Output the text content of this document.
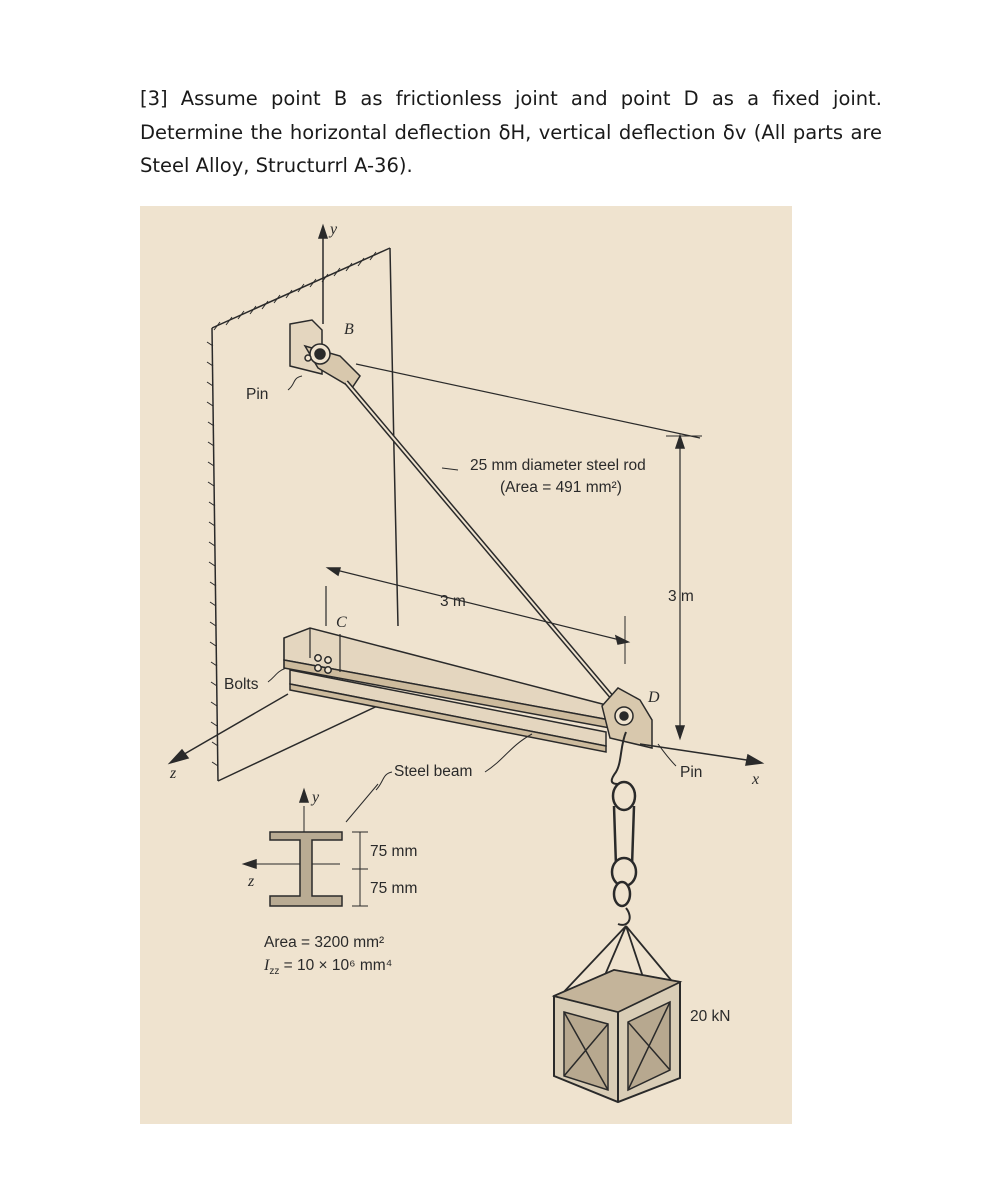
[3] Assume point B as frictionless joint and point D as a fixed joint. Determine the horizontal deflection δH, vertical deflection δv (All parts are Steel Alloy, Structurrl A-36).

y
B
Pin
25 mm diameter steel rod
(Area = 491 mm²)
3 m	3 m
C
Bolts
D
z	Steel beam	Pin	x
y
z
75 mm
75 mm
Area = 3200 mm²
$I_{zz} = 10 \times 10^6$ mm⁴
20 kN
